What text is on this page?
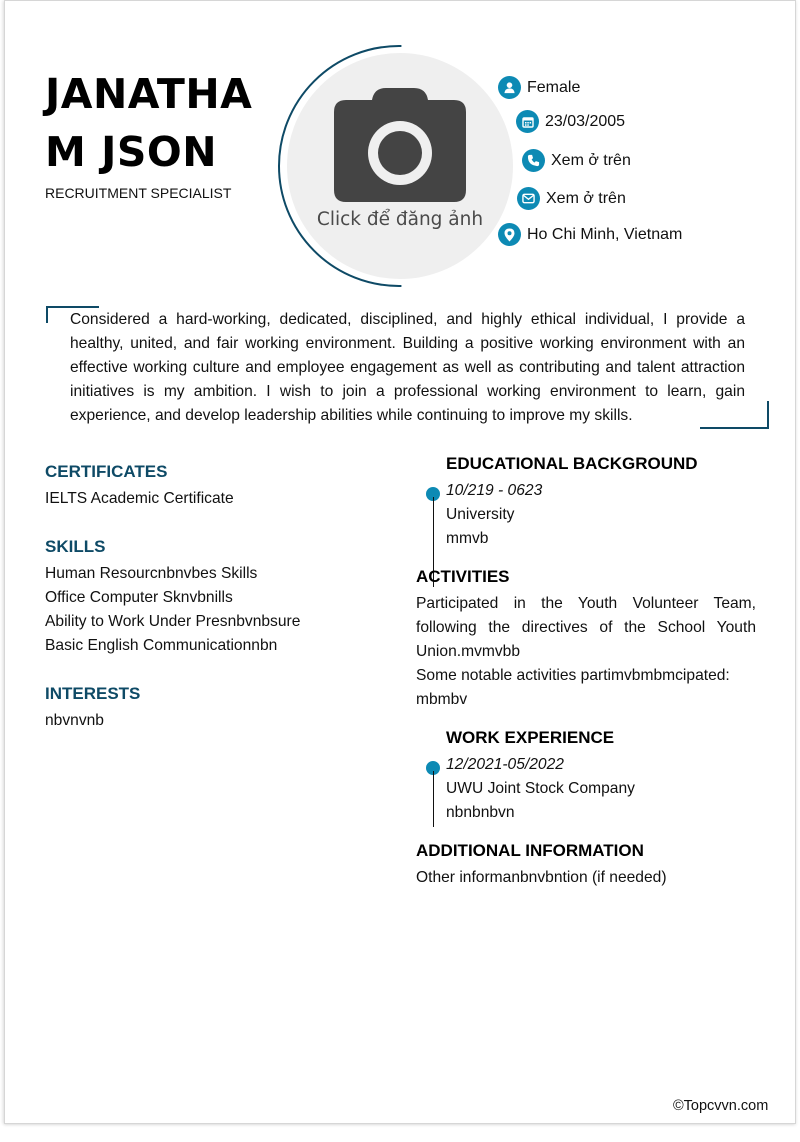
JANATHA
M JSON
RECRUITMENT SPECIALIST
Click để đăng ảnh
Female
23/03/2005
Xem ở trên
Xem ở trên
Ho Chi Minh, Vietnam
Considered a hard-working, dedicated, disciplined, and highly ethical individual, I provide a healthy, united, and fair working environment. Building a positive working environment with an effective working culture and employee engagement as well as contributing and talent attraction initiatives is my ambition. I wish to join a professional working environment to learn, gain experience, and develop leadership abilities while continuing to improve my skills.
CERTIFICATES
IELTS Academic Certificate
SKILLS
Human Resourcnbnvbes Skills
Office Computer Sknvbnills
Ability to Work Under Presnbvnbsure
Basic English Communicationnbn
INTERESTS
nbvnvnb
EDUCATIONAL BACKGROUND
10/219 - 0623
University
mmvb
ACTIVITIES
Participated in the Youth Volunteer Team, following the directives of the School Youth Union.mvmvbb
Some notable activities partimvbmbmcipated: mbmbv
WORK EXPERIENCE
12/2021-05/2022
UWU Joint Stock Company
nbnbnbvn
ADDITIONAL INFORMATION
Other informanbnvbntion (if needed)
©Topcvvn.com
